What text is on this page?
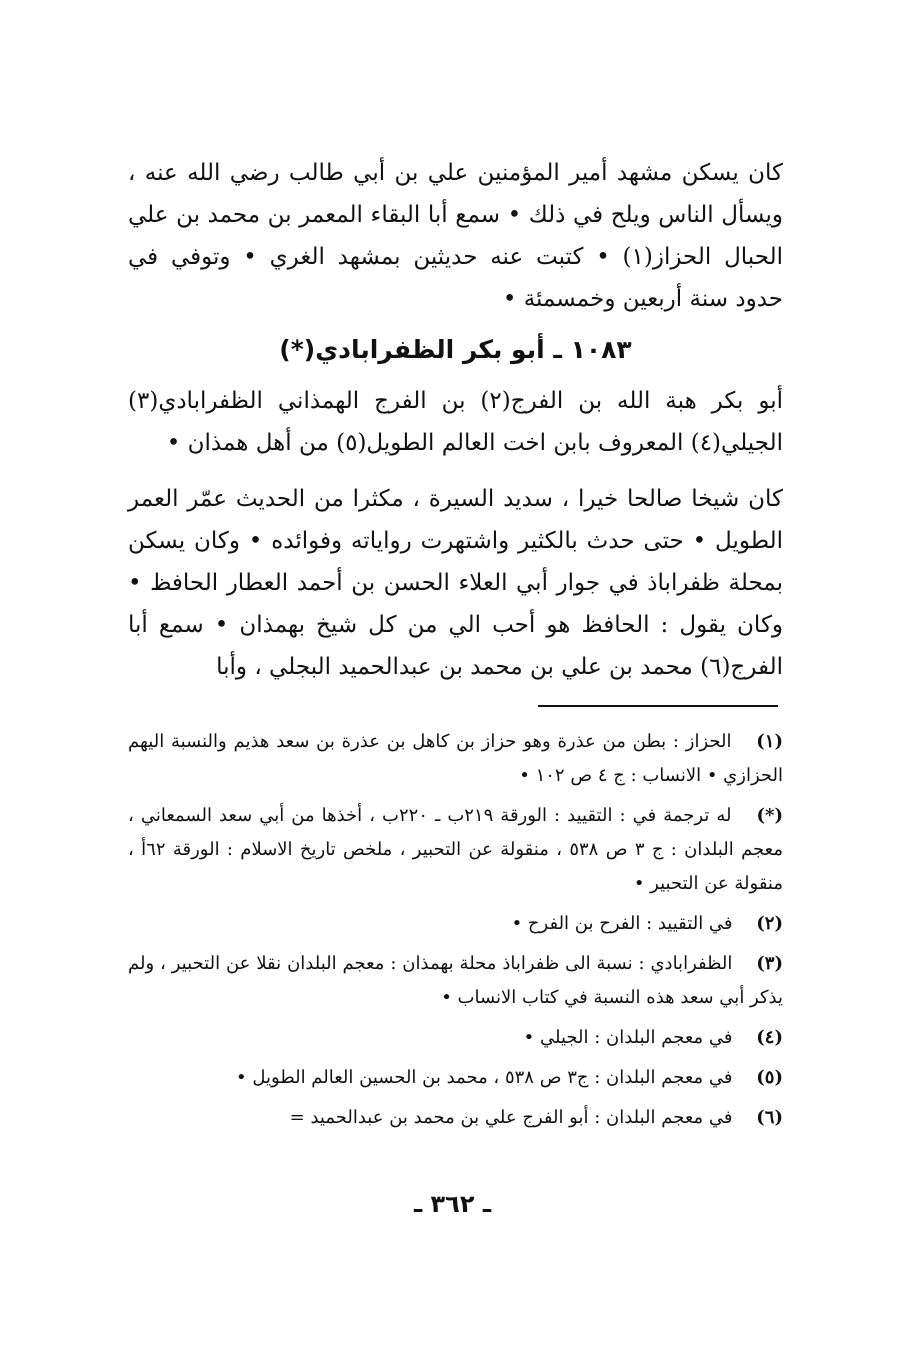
كان يسكن مشهد أمير المؤمنين علي بن أبي طالب رضي الله عنه ، ويسأل الناس ويلح في ذلك • سمع أبا البقاء المعمر بن محمد بن علي الحبال الحزاز(١) • كتبت عنه حديثين بمشهد الغري • وتوفي في حدود سنة أربعين وخمسمئة •

١٠٨٣ ـ أبو بكر الظفرابادي(*)

أبو بكر هبة الله بن الفرج(٢) بن الفرج الهمذاني الظفرابادي(٣) الجيلي(٤) المعروف بابن اخت العالم الطويل(٥) من أهل همذان •

كان شيخا صالحا خيرا ، سديد السيرة ، مكثرا من الحديث عمّر العمر الطويل • حتى حدث بالكثير واشتهرت رواياته وفوائده • وكان يسكن بمحلة ظفراباذ في جوار أبي العلاء الحسن بن أحمد العطار الحافظ • وكان يقول : الحافظ هو أحب الي من كل شيخ بهمذان • سمع أبا الفرج(٦) محمد بن علي بن محمد بن عبدالحميد البجلي ، وأبا

(١) الحزاز : بطن من عذرة وهو حزاز بن كاهل بن عذرة بن سعد هذيم والنسبة اليهم الحزازي • الانساب : ج ٤ ص ١٠٢ •

(*) له ترجمة في : التقييد : الورقة ٢١٩ب ـ ٢٢٠ب ، أخذها من أبي سعد السمعاني ، معجم البلدان : ج ٣ ص ٥٣٨ ، منقولة عن التحبير ، ملخص تاريخ الاسلام : الورقة ٦٢أ ، منقولة عن التحبير •

(٢) في التقييد : الفرح بن الفرح •

(٣) الظفرابادي : نسبة الى ظفراباذ محلة بهمذان : معجم البلدان نقلا عن التحبير ، ولم يذكر أبي سعد هذه النسبة في كتاب الانساب •

(٤) في معجم البلدان : الجيلي •

(٥) في معجم البلدان : ج٣ ص ٥٣٨ ، محمد بن الحسين العالم الطويل •

(٦) في معجم البلدان : أبو الفرج علي بن محمد بن عبدالحميد =

ـ ٣٦٢ ـ
